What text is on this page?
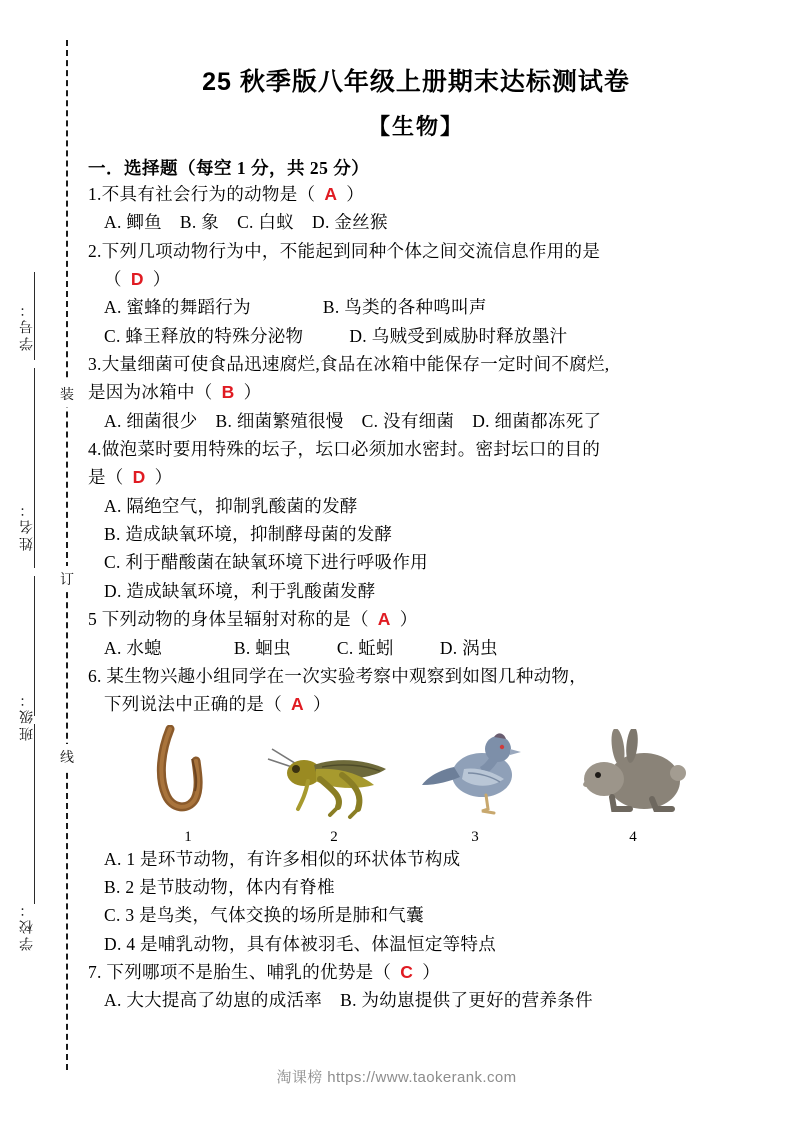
学号：
姓名：
班级：
学校：
装
订
线
25 秋季版八年级上册期末达标测试卷
【生物】
一．选择题（每空 1 分，共 25 分）
1.不具有社会行为的动物是（ A ）
A. 鲫鱼 B. 象 C. 白蚁 D. 金丝猴
2.下列几项动物行为中，不能起到同种个体之间交流信息作用的是
（ D ）
A. 蜜蜂的舞蹈行为	B. 鸟类的各种鸣叫声
C. 蜂王释放的特殊分泌物	D. 乌贼受到威胁时释放墨汁
3.大量细菌可使食品迅速腐烂,食品在冰箱中能保存一定时间不腐烂,
是因为冰箱中（ B ）
A. 细菌很少 B. 细菌繁殖很慢 C. 没有细菌 D. 细菌都冻死了
4.做泡菜时要用特殊的坛子，坛口必须加水密封。密封坛口的目的
是（ D ）
A. 隔绝空气，抑制乳酸菌的发酵
B. 造成缺氧环境，抑制酵母菌的发酵
C. 利于醋酸菌在缺氧环境下进行呼吸作用
D. 造成缺氧环境，利于乳酸菌发酵
5 下列动物的身体呈辐射对称的是（ A ）
A. 水螅	B. 蛔虫	C. 蚯蚓	D. 涡虫
6. 某生物兴趣小组同学在一次实验考察中观察到如图几种动物，
下列说法中正确的是（ A ）
1	2	3	4
A. 1 是环节动物，有许多相似的环状体节构成
B. 2 是节肢动物，体内有脊椎
C. 3 是鸟类，气体交换的场所是肺和气囊
D. 4 是哺乳动物，具有体被羽毛、体温恒定等特点
7. 下列哪项不是胎生、哺乳的优势是（ C ）
A. 大大提高了幼崽的成活率 B. 为幼崽提供了更好的营养条件
淘课榜 https://www.taokerank.com
